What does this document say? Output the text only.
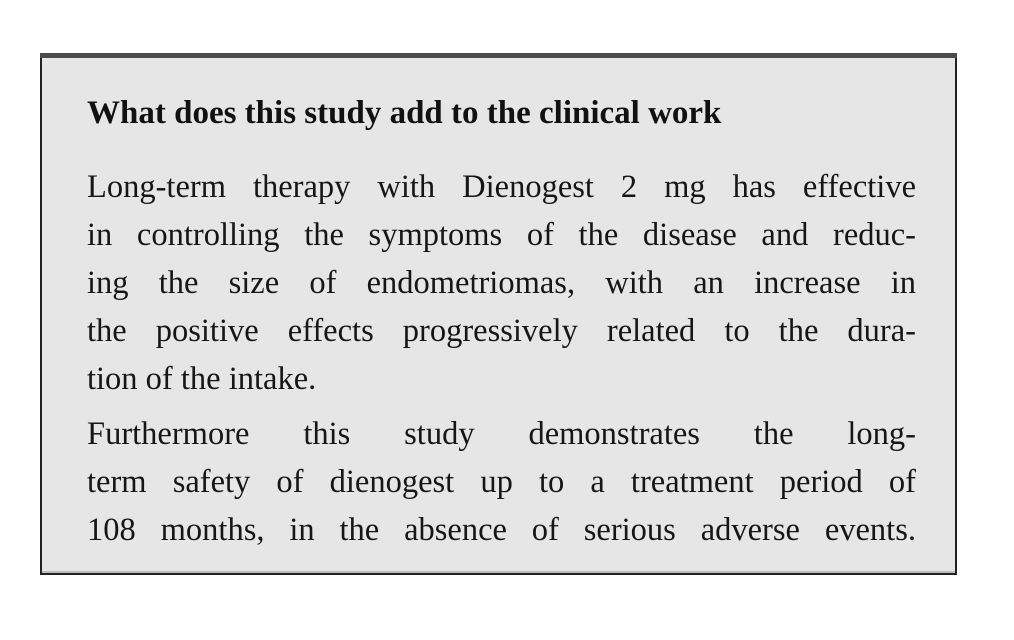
What does this study add to the clinical work
Long-term therapy with Dienogest 2 mg has effective
in controlling the symptoms of the disease and reduc-
ing the size of endometriomas, with an increase in
the positive effects progressively related to the dura-
tion of the intake.
Furthermore this study demonstrates the long-
term safety of dienogest up to a treatment period of
108 months, in the absence of serious adverse events.
